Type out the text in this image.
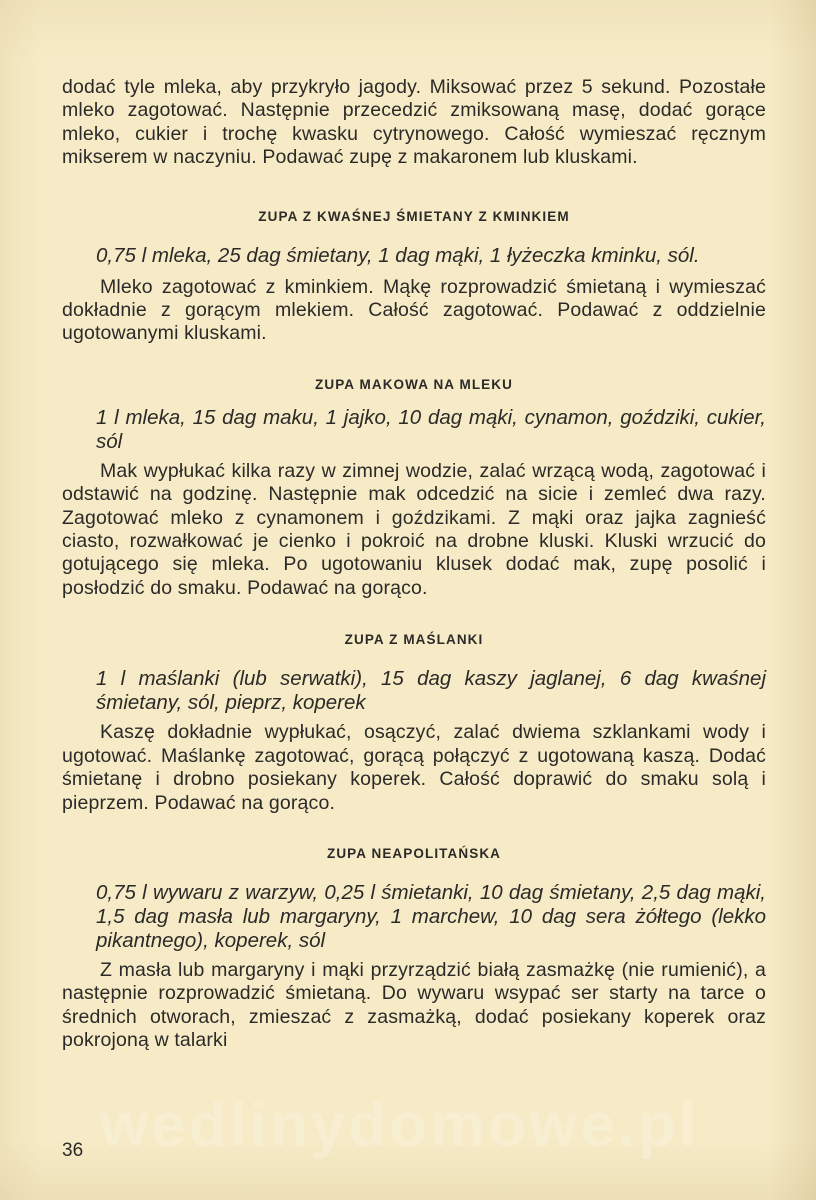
dodać tyle mleka, aby przykryło jagody. Miksować przez 5 sekund. Pozostałe mleko zagotować. Następnie przecedzić zmiksowaną masę, dodać gorące mleko, cukier i trochę kwasku cytrynowego. Całość wymieszać ręcznym mikserem w naczyniu. Podawać zupę z makaronem lub kluskami.

ZUPA Z KWAŚNEJ ŚMIETANY Z KMINKIEM

0,75 l mleka, 25 dag śmietany, 1 dag mąki, 1 łyżeczka kminku, sól.

Mleko zagotować z kminkiem. Mąkę rozprowadzić śmietaną i wymieszać dokładnie z gorącym mlekiem. Całość zagotować. Podawać z oddzielnie ugotowanymi kluskami.

ZUPA MAKOWA NA MLEKU

1 l mleka, 15 dag maku, 1 jajko, 10 dag mąki, cynamon, goździki, cukier, sól

Mak wypłukać kilka razy w zimnej wodzie, zalać wrzącą wodą, zagotować i odstawić na godzinę. Następnie mak odcedzić na sicie i zemleć dwa razy. Zagotować mleko z cynamonem i goździkami. Z mąki oraz jajka zagnieść ciasto, rozwałkować je cienko i pokroić na drobne kluski. Kluski wrzucić do gotującego się mleka. Po ugotowaniu klusek dodać mak, zupę posolić i posłodzić do smaku. Podawać na gorąco.

ZUPA Z MAŚLANKI

1 l maślanki (lub serwatki), 15 dag kaszy jaglanej, 6 dag kwaśnej śmietany, sól, pieprz, koperek

Kaszę dokładnie wypłukać, osączyć, zalać dwiema szklankami wody i ugotować. Maślankę zagotować, gorącą połączyć z ugotowaną kaszą. Dodać śmietanę i drobno posiekany koperek. Całość doprawić do smaku solą i pieprzem. Podawać na gorąco.

ZUPA NEAPOLITAŃSKA

0,75 l wywaru z warzyw, 0,25 l śmietanki, 10 dag śmietany, 2,5 dag mąki, 1,5 dag masła lub margaryny, 1 marchew, 10 dag sera żółtego (lekko pikantnego), koperek, sól

Z masła lub margaryny i mąki przyrządzić białą zasmażkę (nie rumienić), a następnie rozprowadzić śmietaną. Do wywaru wsypać ser starty na tarce o średnich otworach, zmieszać z zasmażką, dodać posiekany koperek oraz pokrojoną w talarki

wedlinydomowe.pl
36
